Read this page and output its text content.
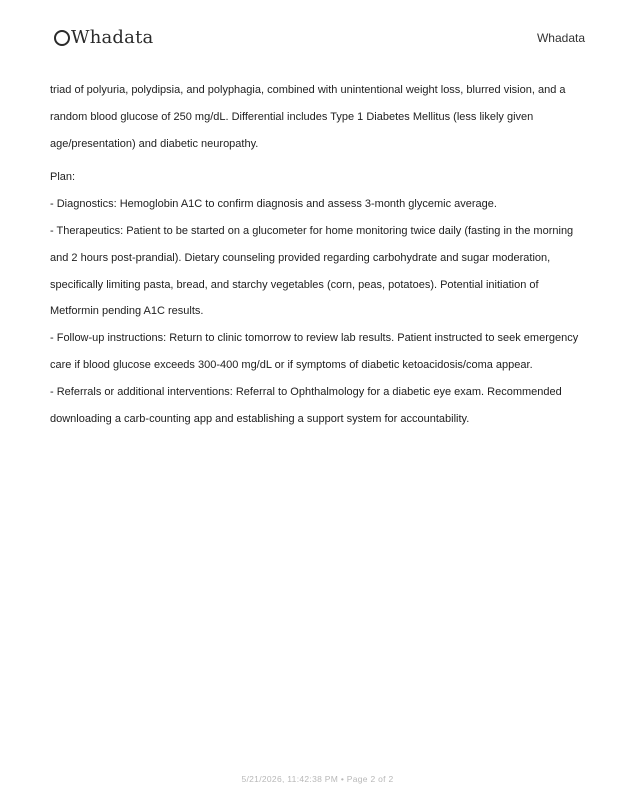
Whadata	Whadata

triad of polyuria, polydipsia, and polyphagia, combined with unintentional weight loss, blurred vision, and a random blood glucose of 250 mg/dL. Differential includes Type 1 Diabetes Mellitus (less likely given age/presentation) and diabetic neuropathy.

Plan:

- Diagnostics: Hemoglobin A1C to confirm diagnosis and assess 3-month glycemic average.

- Therapeutics: Patient to be started on a glucometer for home monitoring twice daily (fasting in the morning and 2 hours post-prandial). Dietary counseling provided regarding carbohydrate and sugar moderation, specifically limiting pasta, bread, and starchy vegetables (corn, peas, potatoes). Potential initiation of Metformin pending A1C results.

- Follow-up instructions: Return to clinic tomorrow to review lab results. Patient instructed to seek emergency care if blood glucose exceeds 300-400 mg/dL or if symptoms of diabetic ketoacidosis/coma appear.

- Referrals or additional interventions: Referral to Ophthalmology for a diabetic eye exam. Recommended downloading a carb-counting app and establishing a support system for accountability.

5/21/2026, 11:42:38 PM • Page 2 of 2
